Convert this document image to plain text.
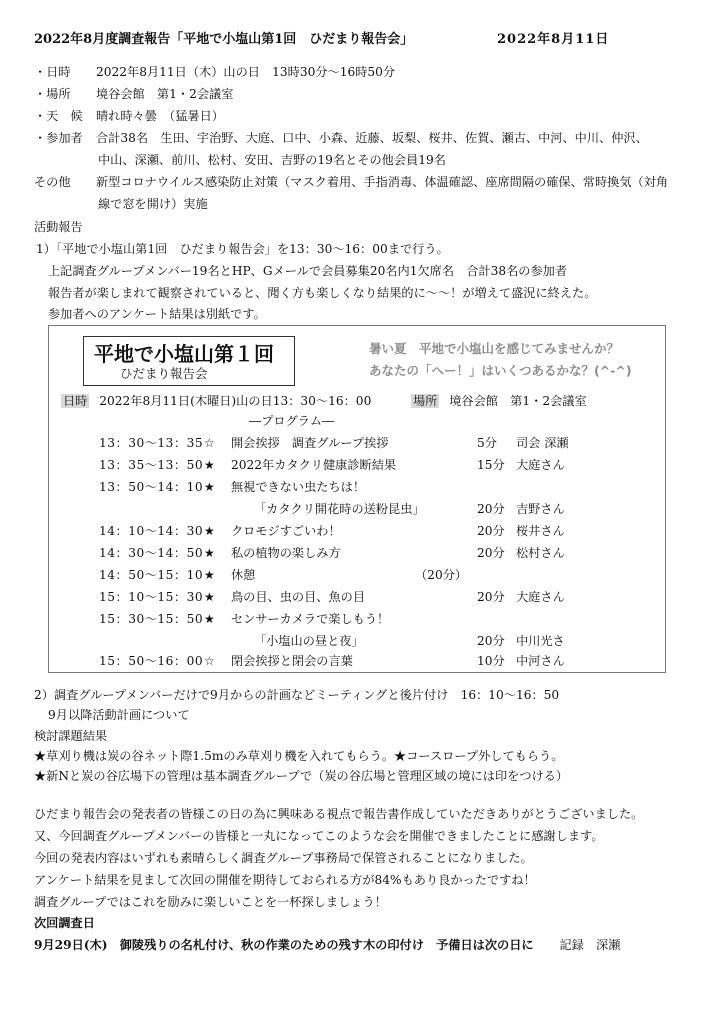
2022年8月度調査報告「平地で小塩山第1回　ひだまり報告会」	2022年8月11日
・日時 2022年8月11日（木）山の日　13時30分〜16時50分
・場所 境谷会館　第1・2会議室
・天　候 晴れ時々曇　（猛暑日）
・参加者 合計38名　生田、宇治野、大庭、口中、小森、近藤、坂梨、桜井、佐賀、瀬古、中河、中川、仲沢、
中山、深瀬、前川、松村、安田、吉野の19名とその他会員19名
その他 新型コロナウイルス感染防止対策（マスク着用、手指消毒、体温確認、座席間隔の確保、常時換気（対角
線で窓を開け）実施
活動報告
1）「平地で小塩山第1回　ひだまり報告会」を13：30〜16：00まで行う。
上記調査グループメンバー19名とHP、Gメールで会員募集20名内1欠席名　合計38名の参加者
報告者が楽しまれて観察されていると、聞く方も楽しくなり結果的に〜〜！が増えて盛況に終えた。
参加者へのアンケート結果は別紙です。
平地で小塩山第１回
ひだまり報告会
暑い夏　平地で小塩山を感じてみませんか？
あなたの「へー！」はいくつあるかな？(^-^)
日時 2022年8月11日(木曜日)山の日13：30〜16：00	場所 境谷会館　第1・2会議室
―プログラム―
13：30〜13：35 ☆ 開会挨拶　調査グループ挨拶	5分 司会 深瀬
13：35〜13：50 ★ 2022年カタクリ健康診断結果	15分 大庭さん
13：50〜14：10 ★ 無視できない虫たちは！
「カタクリ開花時の送粉昆虫」	20分 吉野さん
14：10〜14：30 ★ クロモジすごいわ！	20分 桜井さん
14：30〜14：50 ★ 私の植物の楽しみ方	20分 松村さん
14：50〜15：10 ★ 休憩	（20分）
15：10〜15：30 ★ 鳥の目、虫の目、魚の目	20分 大庭さん
15：30〜15：50 ★ センサーカメラで楽しもう！
「小塩山の昼と夜」	20分 中川光さ
15：50〜16：00 ☆ 閉会挨拶と閉会の言葉	10分 中河さん
2）調査グループメンバーだけで9月からの計画などミーティングと後片付け　16：10〜16：50
9月以降活動計画について
検討課題結果
★草刈り機は炭の谷ネット際1.5mのみ草刈り機を入れてもらう。★コースロープ外してもらう。
★新Nと炭の谷広場下の管理は基本調査グループで（炭の谷広場と管理区域の境には印をつける）
ひだまり報告会の発表者の皆様この日の為に興味ある視点で報告書作成していただきありがとうございました。
又、今回調査グループメンバーの皆様と一丸になってこのような会を開催できましたことに感謝します。
今回の発表内容はいずれも素晴らしく調査グループ事務局で保管されることになりました。
アンケート結果を見まして次回の開催を期待しておられる方が84%もあり良かったですね！
調査グループではこれを励みに楽しいことを一杯探しましょう！
次回調査日
9月29日(木)　御陵残りの名札付け、秋の作業のための残す木の印付け　予備日は次の日に 記録　深瀬
